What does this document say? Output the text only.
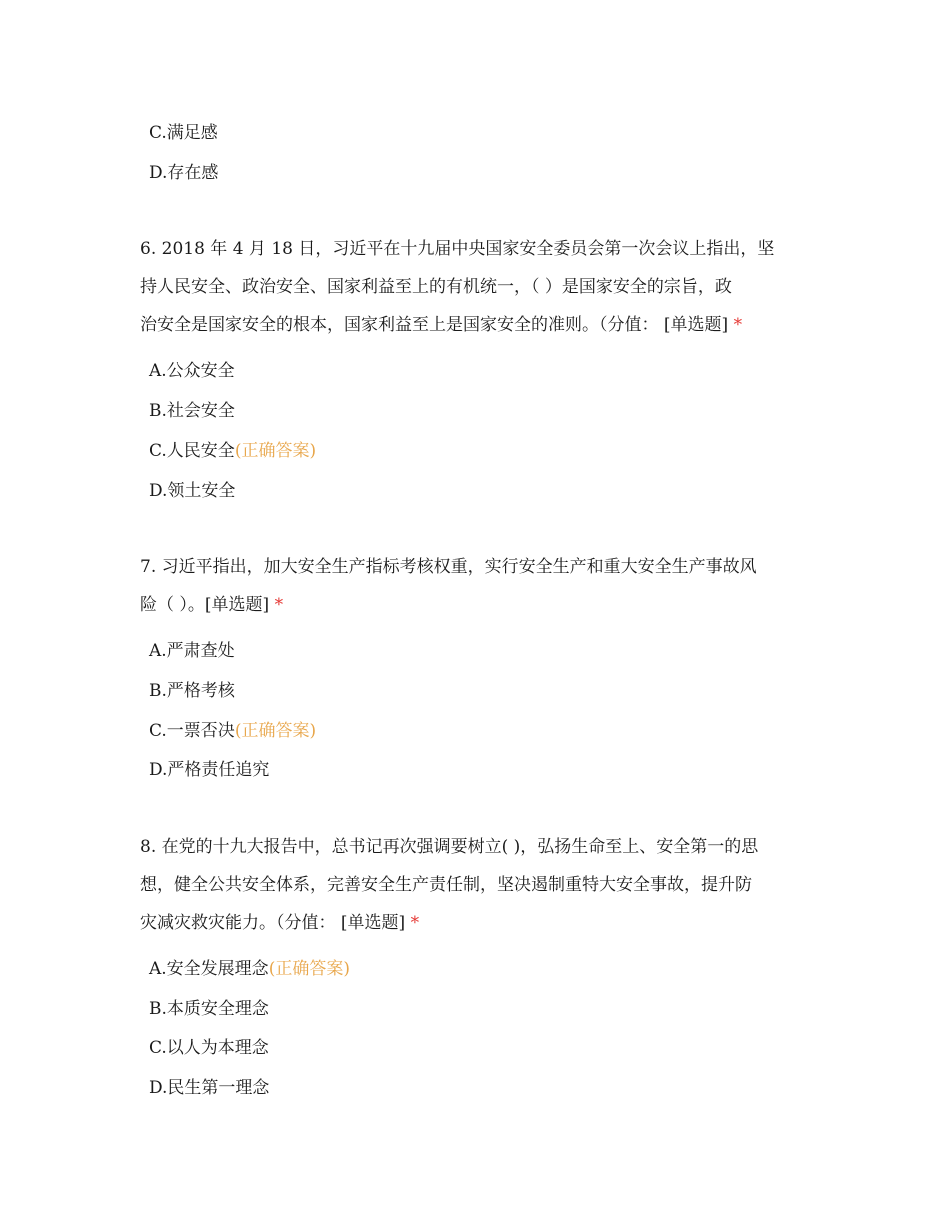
C.满足感
D.存在感
6. 2018 年 4 月 18 日，习近平在十九届中央国家安全委员会第一次会议上指出，坚
持人民安全、政治安全、国家利益至上的有机统一，（ ）是国家安全的宗旨，政
治安全是国家安全的根本，国家利益至上是国家安全的准则。（分值： [单选题] *
A.公众安全
B.社会安全
C.人民安全(正确答案)
D.领土安全
7. 习近平指出，加大安全生产指标考核权重，实行安全生产和重大安全生产事故风
险（ ）。[单选题] *
A.严肃查处
B.严格考核
C.一票否决(正确答案)
D.严格责任追究
8. 在党的十九大报告中，总书记再次强调要树立( )，弘扬生命至上、安全第一的思
想，健全公共安全体系，完善安全生产责任制，坚决遏制重特大安全事故，提升防
灾减灾救灾能力。（分值： [单选题] *
A.安全发展理念(正确答案)
B.本质安全理念
C.以人为本理念
D.民生第一理念
